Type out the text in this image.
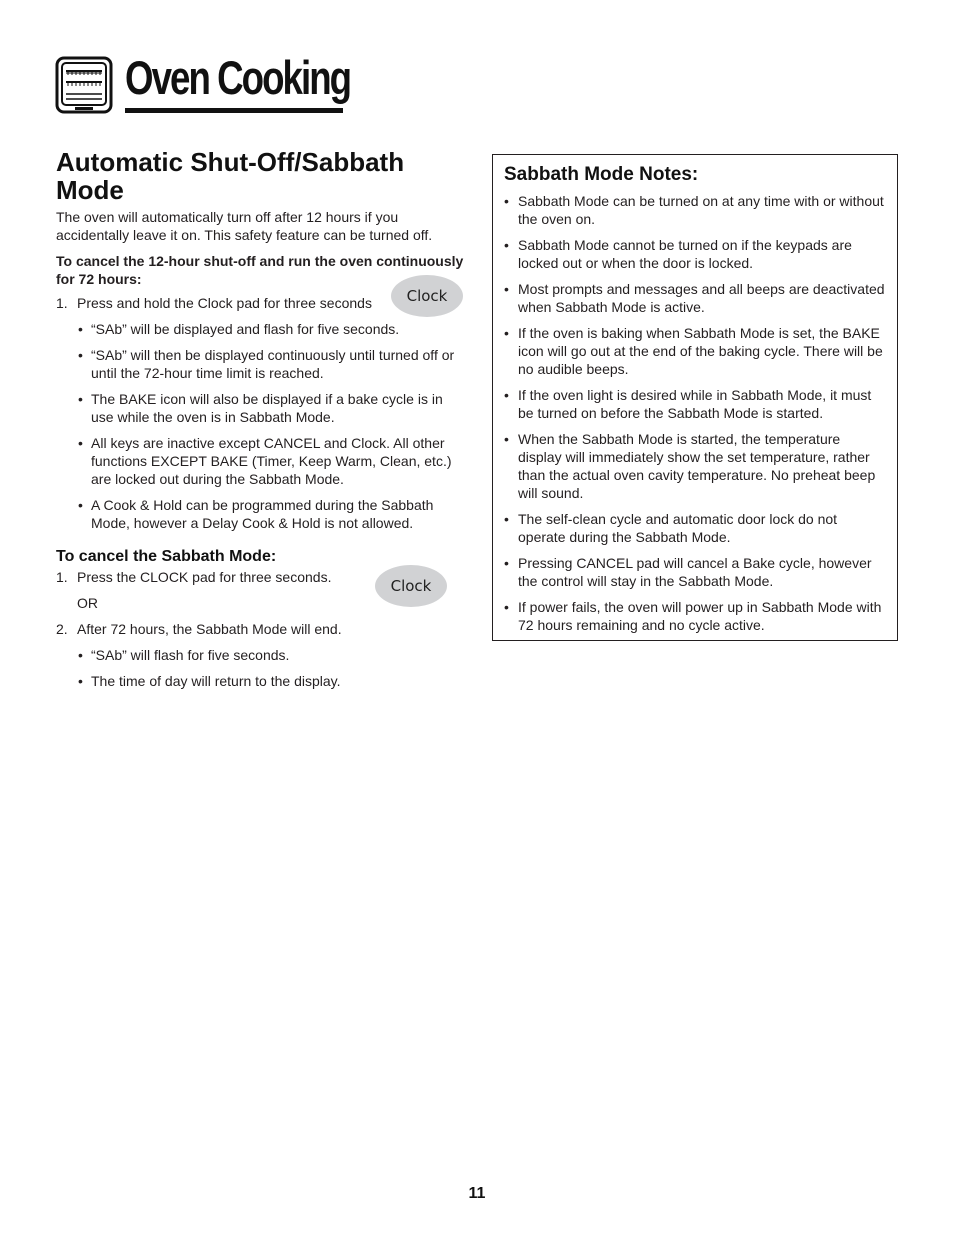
Oven Cooking
Automatic Shut-Off/Sabbath Mode

The oven will automatically turn off after 12 hours if you accidentally leave it on. This safety feature can be turned off.

To cancel the 12-hour shut-off and run the oven continuously for 72 hours:

1. Press and hold the Clock pad for three seconds
• “SAb” will be displayed and flash for five seconds.
• “SAb” will then be displayed continuously until turned off or until the 72-hour time limit is reached.
• The BAKE icon will also be displayed if a bake cycle is in use while the oven is in Sabbath Mode.
• All keys are inactive except CANCEL and Clock. All other functions EXCEPT BAKE (Timer, Keep Warm, Clean, etc.) are locked out during the Sabbath Mode.
• A Cook & Hold can be programmed during the Sabbath Mode, however a Delay Cook & Hold is not allowed.
To cancel the Sabbath Mode:
1. Press the CLOCK pad for three seconds.
OR
2. After 72 hours, the Sabbath Mode will end.
• “SAb” will flash for five seconds.
• The time of day will return to the display.
Clock
Clock
Sabbath Mode Notes:
• Sabbath Mode can be turned on at any time with or without the oven on.
• Sabbath Mode cannot be turned on if the keypads are locked out or when the door is locked.
• Most prompts and messages and all beeps are deactivated when Sabbath Mode is active.
• If the oven is baking when Sabbath Mode is set, the BAKE icon will go out at the end of the baking cycle. There will be no audible beeps.
• If the oven light is desired while in Sabbath Mode, it must be turned on before the Sabbath Mode is started.
• When the Sabbath Mode is started, the temperature display will immediately show the set temperature, rather than the actual oven cavity temperature. No preheat beep will sound.
• The self-clean cycle and automatic door lock do not operate during the Sabbath Mode.
• Pressing CANCEL pad will cancel a Bake cycle, however the control will stay in the Sabbath Mode.
• If power fails, the oven will power up in Sabbath Mode with 72 hours remaining and no cycle active.
11
